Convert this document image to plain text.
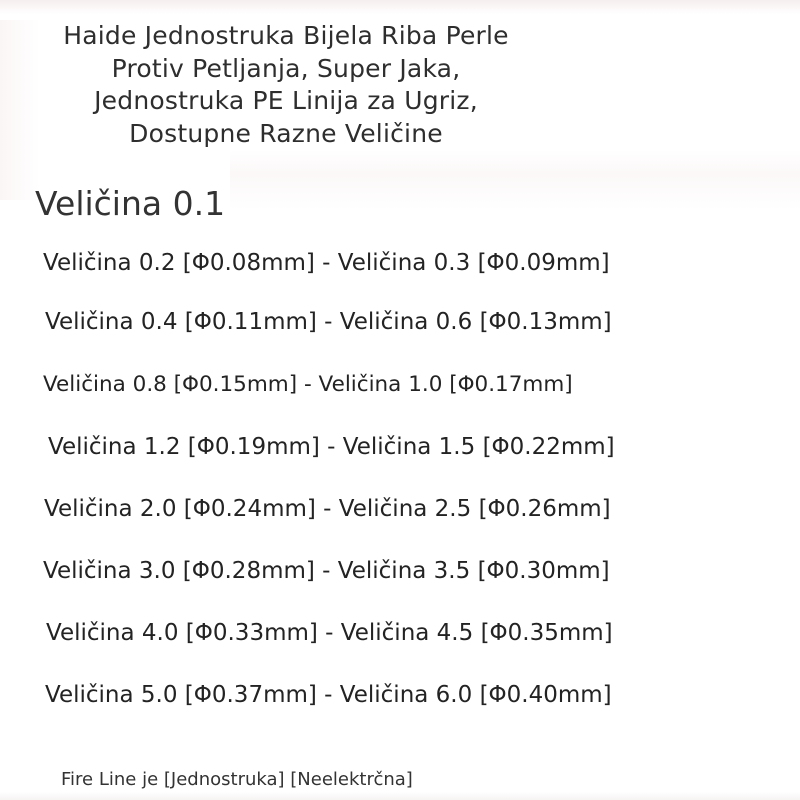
Haide Jednostruka Bijela Riba Perle
Protiv Petljanja, Super Jaka,
Jednostruka PE Linija za Ugriz,
Dostupne Razne Veličine
Veličina 0.1
Veličina 0.2 [Φ0.08mm] - Veličina 0.3 [Φ0.09mm]
Veličina 0.4 [Φ0.11mm] - Veličina 0.6 [Φ0.13mm]
Veličina 0.8 [Φ0.15mm] - Veličina 1.0 [Φ0.17mm]
Veličina 1.2 [Φ0.19mm] - Veličina 1.5 [Φ0.22mm]
Veličina 2.0 [Φ0.24mm] - Veličina 2.5 [Φ0.26mm]
Veličina 3.0 [Φ0.28mm] - Veličina 3.5 [Φ0.30mm]
Veličina 4.0 [Φ0.33mm] - Veličina 4.5 [Φ0.35mm]
Veličina 5.0 [Φ0.37mm] - Veličina 6.0 [Φ0.40mm]
Fire Line je [Jednostruka] [Neelektrčna]
